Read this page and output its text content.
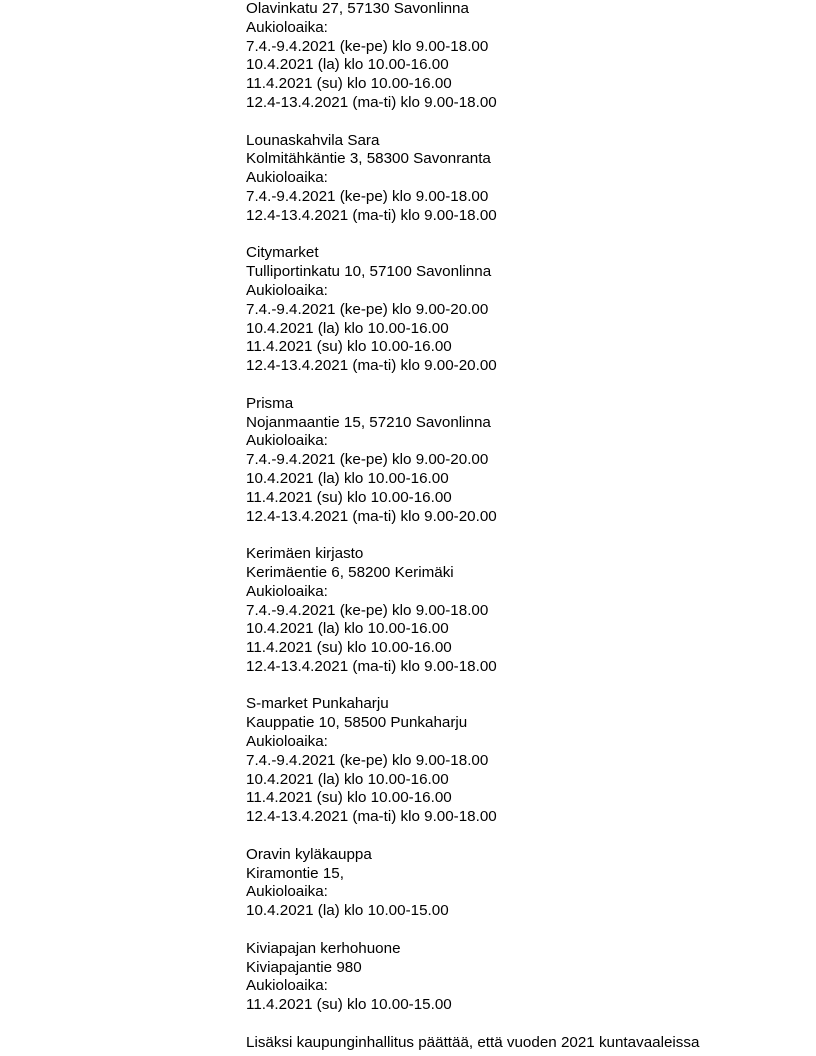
Olavinkatu 27, 57130 Savonlinna
Aukioloaika:
7.4.-9.4.2021 (ke-pe) klo 9.00-18.00
10.4.2021 (la) klo 10.00-16.00
11.4.2021 (su) klo 10.00-16.00
12.4-13.4.2021 (ma-ti) klo 9.00-18.00
Lounaskahvila Sara
Kolmitähkäntie 3, 58300 Savonranta
Aukioloaika:
7.4.-9.4.2021 (ke-pe) klo 9.00-18.00
12.4-13.4.2021 (ma-ti) klo 9.00-18.00
Citymarket
Tulliportinkatu 10, 57100 Savonlinna
Aukioloaika:
7.4.-9.4.2021 (ke-pe) klo 9.00-20.00
10.4.2021 (la) klo 10.00-16.00
11.4.2021 (su) klo 10.00-16.00
12.4-13.4.2021 (ma-ti) klo 9.00-20.00
Prisma
Nojanmaantie 15, 57210 Savonlinna
Aukioloaika:
7.4.-9.4.2021 (ke-pe) klo 9.00-20.00
10.4.2021 (la) klo 10.00-16.00
11.4.2021 (su) klo 10.00-16.00
12.4-13.4.2021 (ma-ti) klo 9.00-20.00
Kerimäen kirjasto
Kerimäentie 6, 58200 Kerimäki
Aukioloaika:
7.4.-9.4.2021 (ke-pe) klo 9.00-18.00
10.4.2021 (la) klo 10.00-16.00
11.4.2021 (su) klo 10.00-16.00
12.4-13.4.2021 (ma-ti) klo 9.00-18.00
S-market Punkaharju
Kauppatie 10, 58500 Punkaharju
Aukioloaika:
7.4.-9.4.2021 (ke-pe) klo 9.00-18.00
10.4.2021 (la) klo 10.00-16.00
11.4.2021 (su) klo 10.00-16.00
12.4-13.4.2021 (ma-ti) klo 9.00-18.00
Oravin kyläkauppa
Kiramontie 15,
Aukioloaika:
10.4.2021 (la) klo 10.00-15.00
Kiviapajan kerhohuone
Kiviapajantie 980
Aukioloaika:
11.4.2021 (su) klo 10.00-15.00
Lisäksi kaupunginhallitus päättää, että vuoden 2021 kuntavaaleissa
